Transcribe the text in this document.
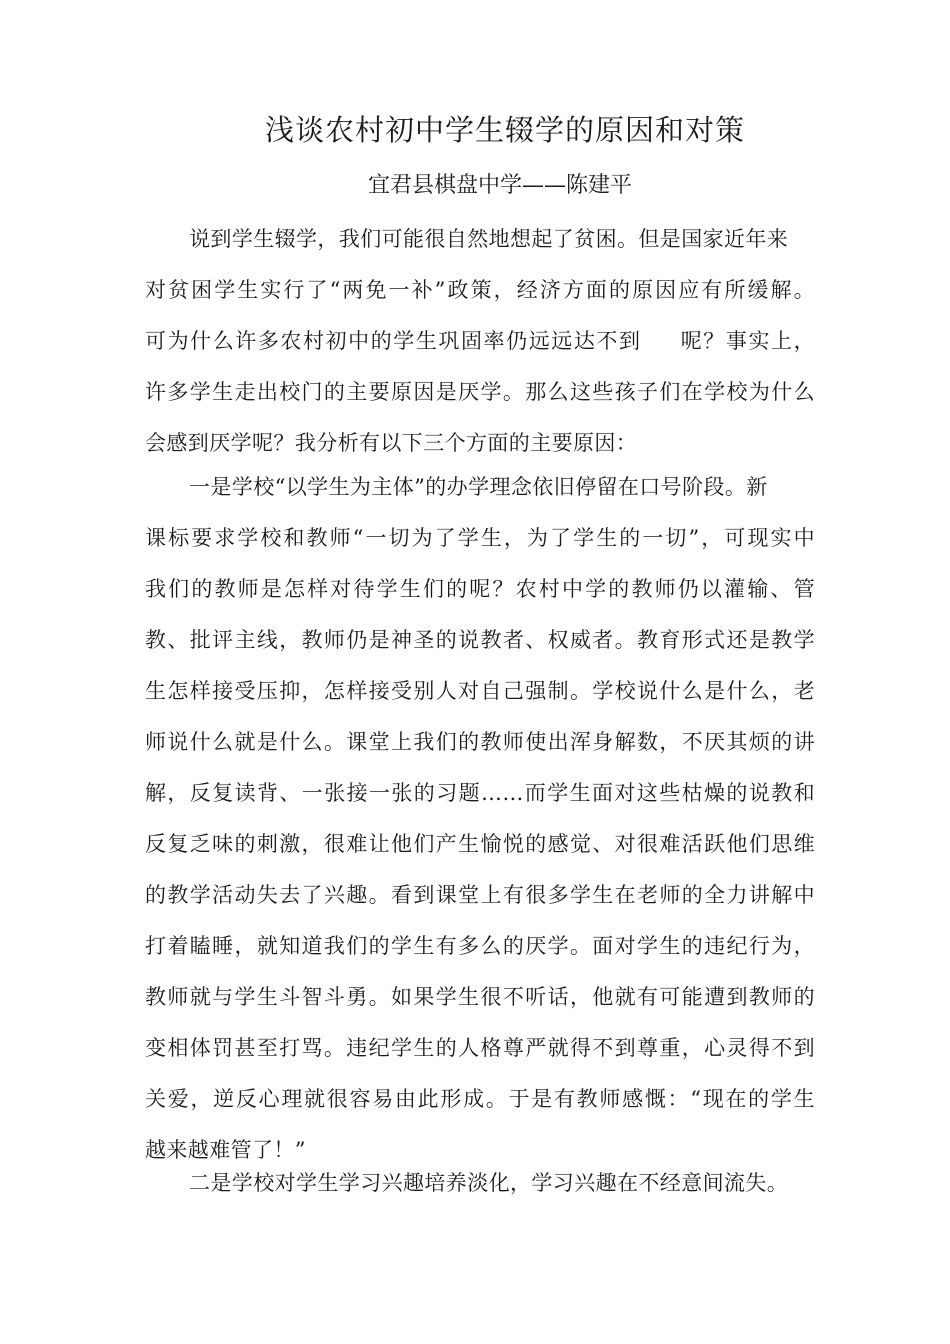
浅谈农村初中学生辍学的原因和对策
宜君县棋盘中学——陈建平
说到学生辍学，我们可能很自然地想起了贫困。但是国家近年来
对贫困学生实行了“两免一补”政策，经济方面的原因应有所缓解。
可为什么许多农村初中的学生巩固率仍远远达不到 呢？事实上，
许多学生走出校门的主要原因是厌学。那么这些孩子们在学校为什么
会感到厌学呢？我分析有以下三个方面的主要原因：
一是学校“以学生为主体”的办学理念依旧停留在口号阶段。新
课标要求学校和教师“一切为了学生，为了学生的一切”，可现实中
我们的教师是怎样对待学生们的呢？农村中学的教师仍以灌输、管
教、批评主线，教师仍是神圣的说教者、权威者。教育形式还是教学
生怎样接受压抑，怎样接受别人对自己强制。学校说什么是什么，老
师说什么就是什么。课堂上我们的教师使出浑身解数，不厌其烦的讲
解，反复读背、一张接一张的习题……而学生面对这些枯燥的说教和
反复乏味的刺激，很难让他们产生愉悦的感觉、对很难活跃他们思维
的教学活动失去了兴趣。看到课堂上有很多学生在老师的全力讲解中
打着瞌睡，就知道我们的学生有多么的厌学。面对学生的违纪行为，
教师就与学生斗智斗勇。如果学生很不听话，他就有可能遭到教师的
变相体罚甚至打骂。违纪学生的人格尊严就得不到尊重，心灵得不到
关爱，逆反心理就很容易由此形成。于是有教师感慨：“现在的学生
越来越难管了！”
二是学校对学生学习兴趣培养淡化，学习兴趣在不经意间流失。
